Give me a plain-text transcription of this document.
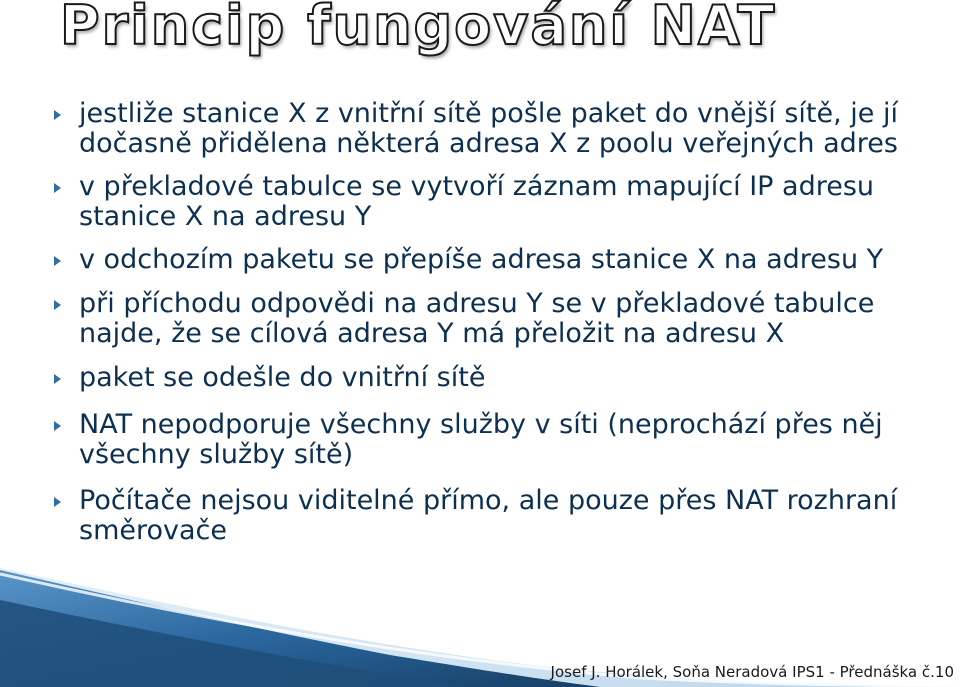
Princip fungování NAT
jestliže stanice X z vnitřní sítě pošle paket do vnější sítě, je jí dočasně přidělena některá adresa X z poolu veřejných adres
v překladové tabulce se vytvoří záznam mapující IP adresu stanice X na adresu Y
v odchozím paketu se přepíše adresa stanice X na adresu Y
při příchodu odpovědi na adresu Y se v překladové tabulce najde, že se cílová adresa Y má přeložit na adresu X
paket se odešle do vnitřní sítě
NAT nepodporuje všechny služby v síti (neprochází přes něj všechny služby sítě)
Počítače nejsou viditelné přímo, ale pouze přes NAT rozhraní směrovače
Josef J. Horálek, Soňa Neradová IPS1 - Přednáška č.10
